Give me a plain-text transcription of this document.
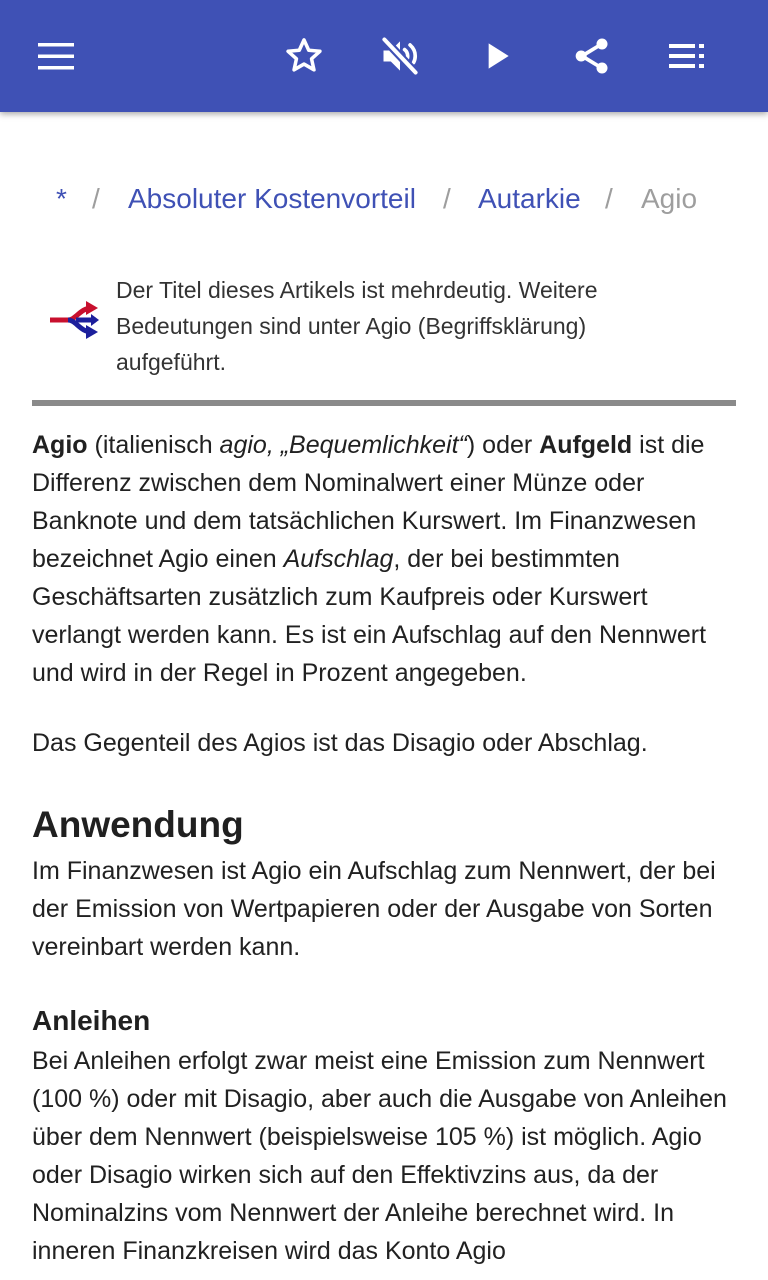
* / Absoluter Kostenvorteil / Autarkie / Agio
Der Titel dieses Artikels ist mehrdeutig. Weitere Bedeutungen sind unter Agio (Begriffsklärung) aufgeführt.

Agio (italienisch agio, „Bequemlichkeit“) oder Aufgeld ist die Differenz zwischen dem Nominalwert einer Münze oder Banknote und dem tatsächlichen Kurswert. Im Finanzwesen bezeichnet Agio einen Aufschlag, der bei bestimmten Geschäftsarten zusätzlich zum Kaufpreis oder Kurswert verlangt werden kann. Es ist ein Aufschlag auf den Nennwert und wird in der Regel in Prozent angegeben.

Das Gegenteil des Agios ist das Disagio oder Abschlag.

Anwendung

Im Finanzwesen ist Agio ein Aufschlag zum Nennwert, der bei der Emission von Wertpapieren oder der Ausgabe von Sorten vereinbart werden kann.

Anleihen

Bei Anleihen erfolgt zwar meist eine Emission zum Nennwert (100 %) oder mit Disagio, aber auch die Ausgabe von Anleihen über dem Nennwert (beispielsweise 105 %) ist möglich. Agio oder Disagio wirken sich auf den Effektivzins aus, da der Nominalzins vom Nennwert der Anleihe berechnet wird. In inneren Finanzkreisen wird das Konto Agio
